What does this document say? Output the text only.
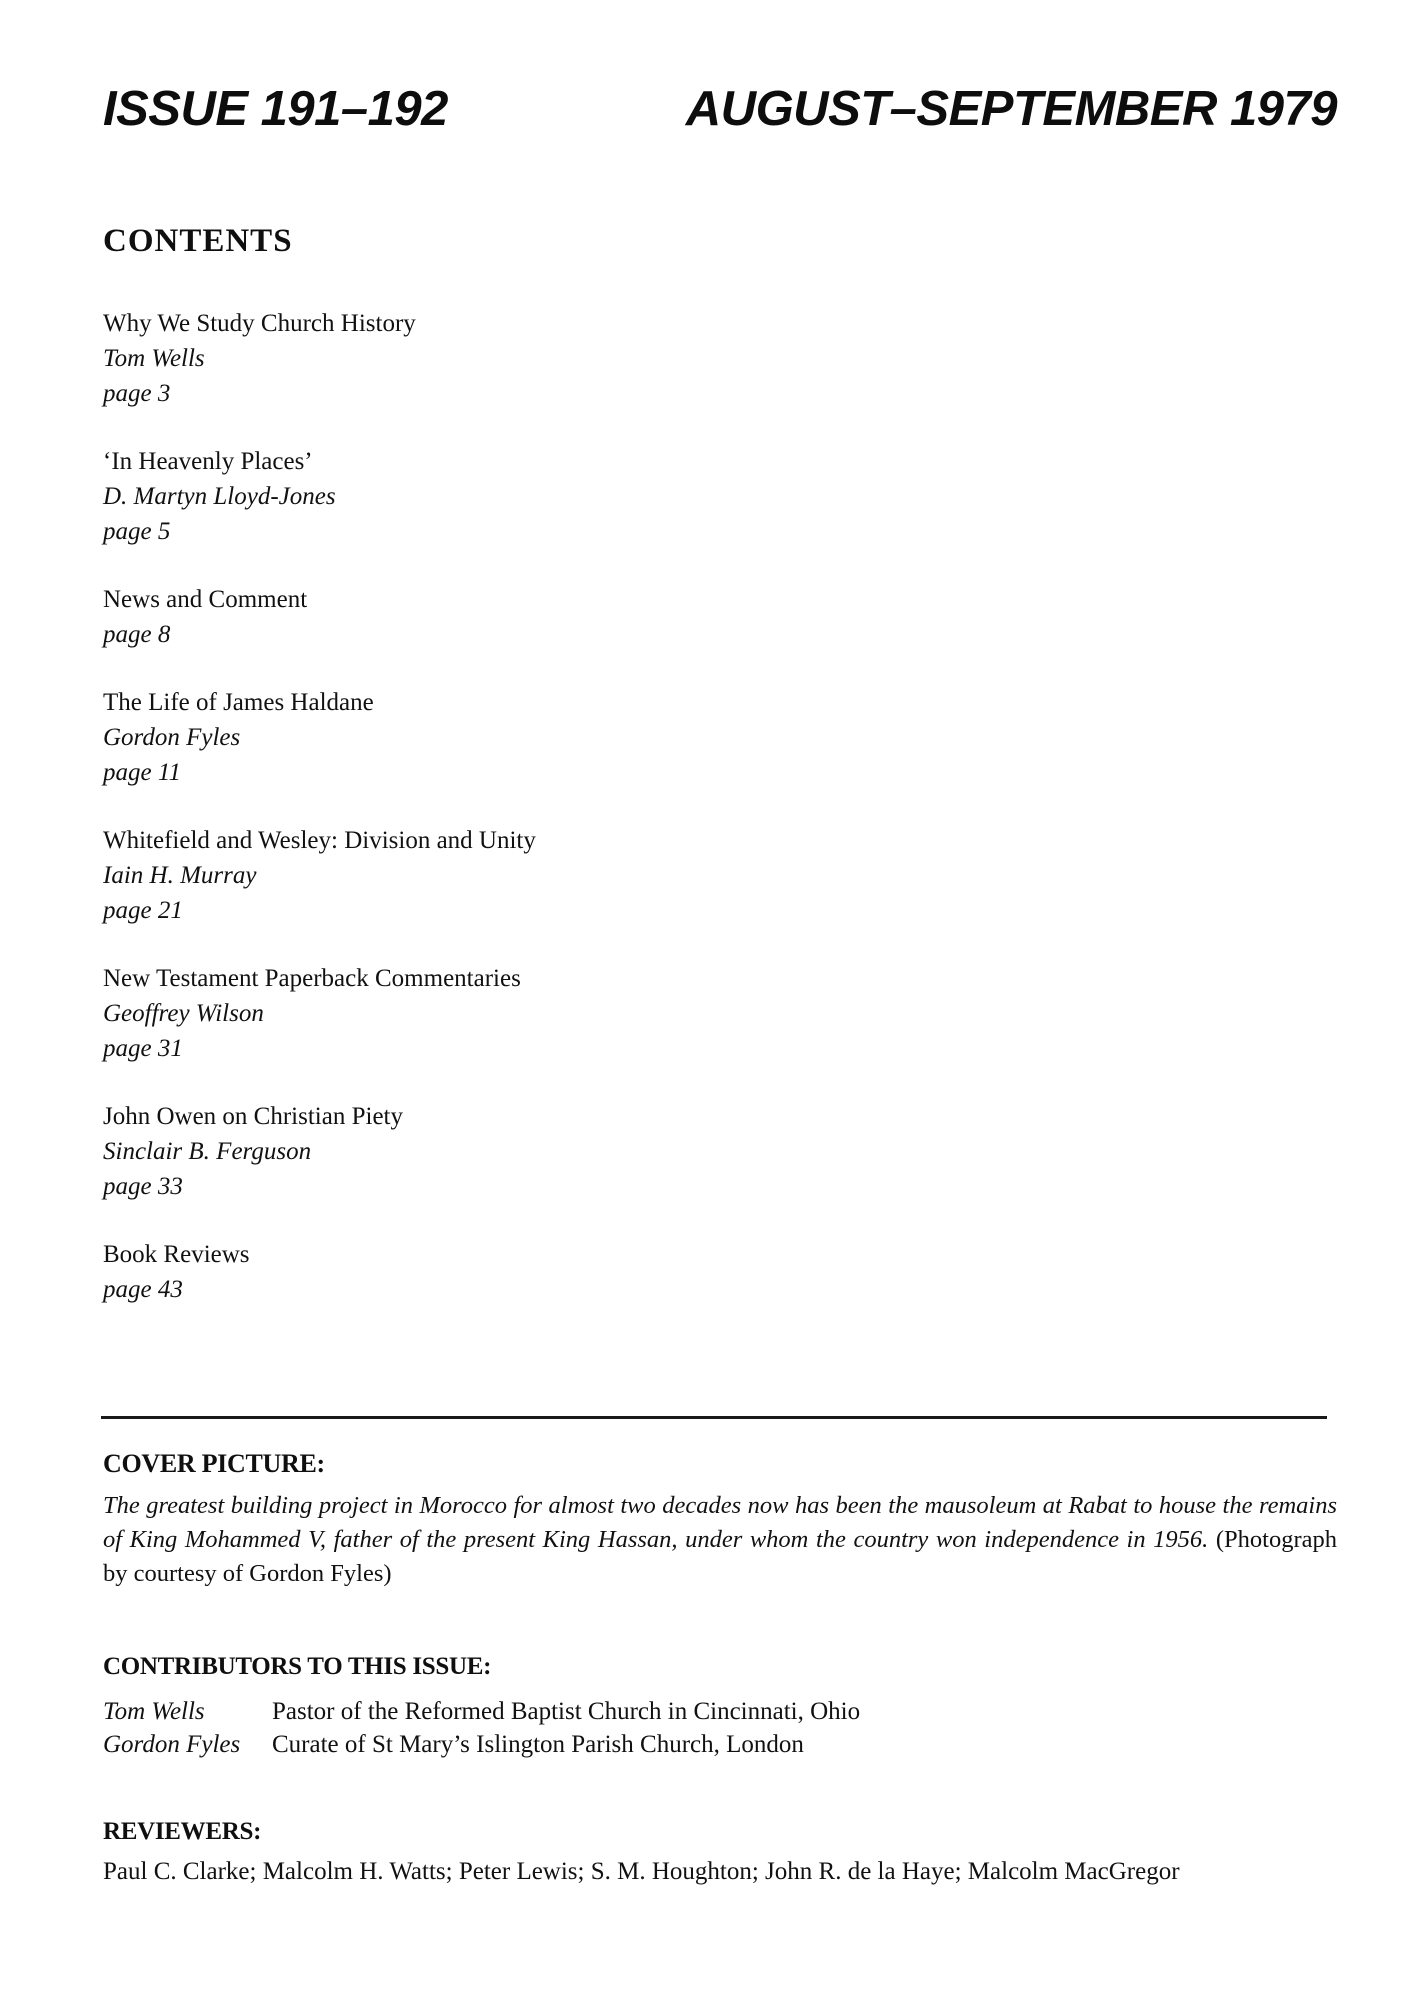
ISSUE 191–192	AUGUST–SEPTEMBER 1979
CONTENTS
Why We Study Church History
Tom Wells
page 3
‘In Heavenly Places’
D. Martyn Lloyd-Jones
page 5
News and Comment
page 8
The Life of James Haldane
Gordon Fyles
page 11
Whitefield and Wesley: Division and Unity
Iain H. Murray
page 21
New Testament Paperback Commentaries
Geoffrey Wilson
page 31
John Owen on Christian Piety
Sinclair B. Ferguson
page 33
Book Reviews
page 43
COVER PICTURE:

The greatest building project in Morocco for almost two decades now has been the mausoleum at Rabat to house the remains of King Mohammed V, father of the present King Hassan, under whom the country won independence in 1956. (Photograph by courtesy of Gordon Fyles)

CONTRIBUTORS TO THIS ISSUE:
Tom Wells	Pastor of the Reformed Baptist Church in Cincinnati, Ohio
Gordon Fyles	Curate of St Mary’s Islington Parish Church, London
REVIEWERS:
Paul C. Clarke; Malcolm H. Watts; Peter Lewis; S. M. Houghton; John R. de la Haye; Malcolm MacGregor
